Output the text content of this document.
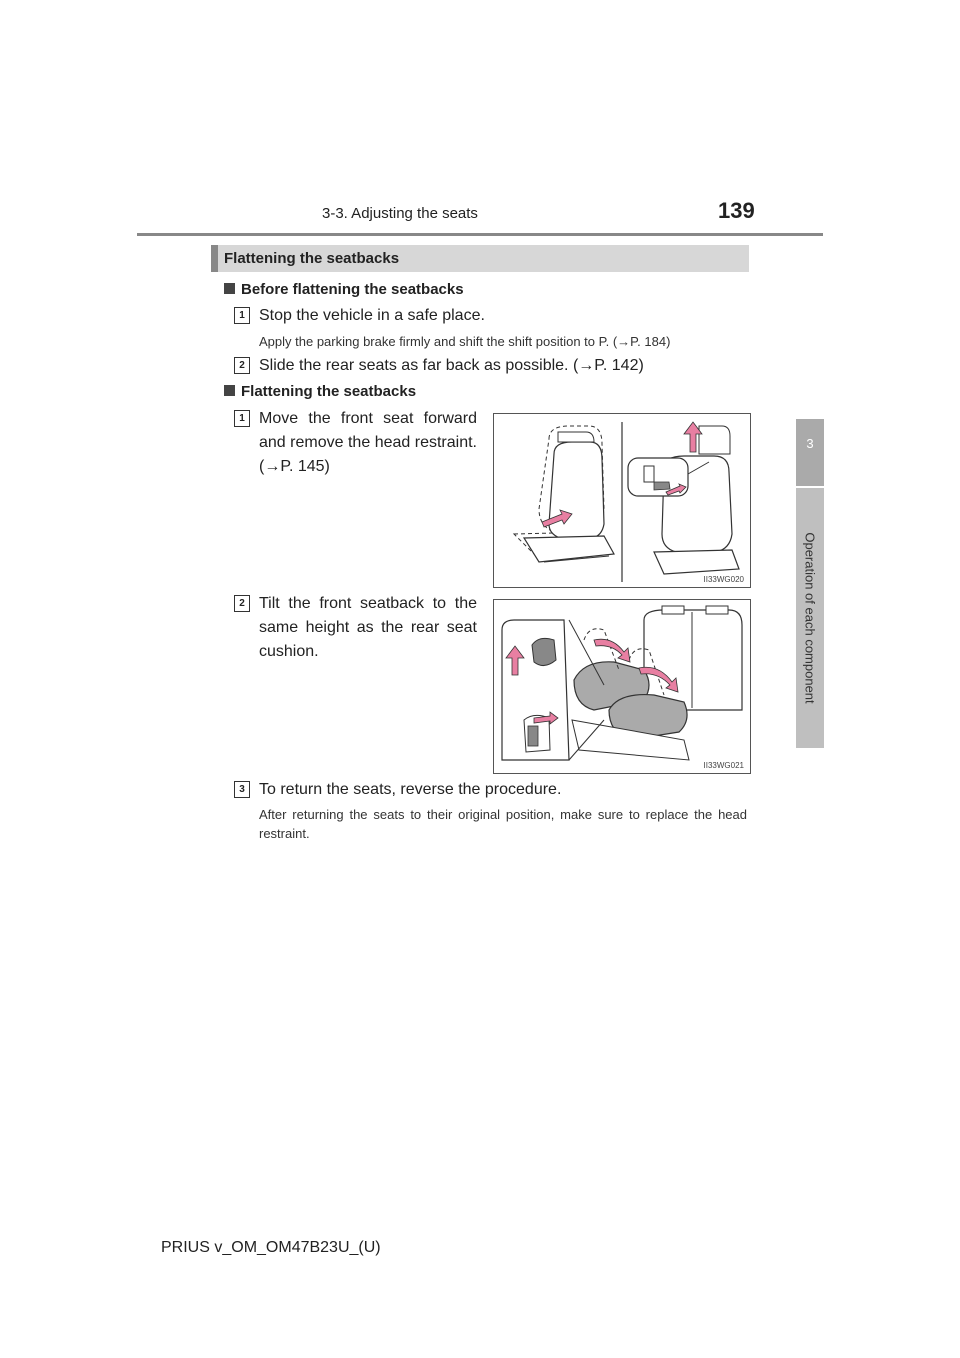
3-3. Adjusting the seats	139
3
Operation of each component
Flattening the seatbacks
Before flattening the seatbacks
1 Stop the vehicle in a safe place.
Apply the parking brake firmly and shift the shift position to P. (→P. 184)
2 Slide the rear seats as far back as possible. (→P. 142)
Flattening the seatbacks
1 Move the front seat forward and remove the head restraint. (→P. 145)
II33WG020
2 Tilt the front seatback to the same height as the rear seat cushion.
II33WG021
3 To return the seats, reverse the procedure.
After returning the seats to their original position, make sure to replace the head restraint.
PRIUS v_OM_OM47B23U_(U)
